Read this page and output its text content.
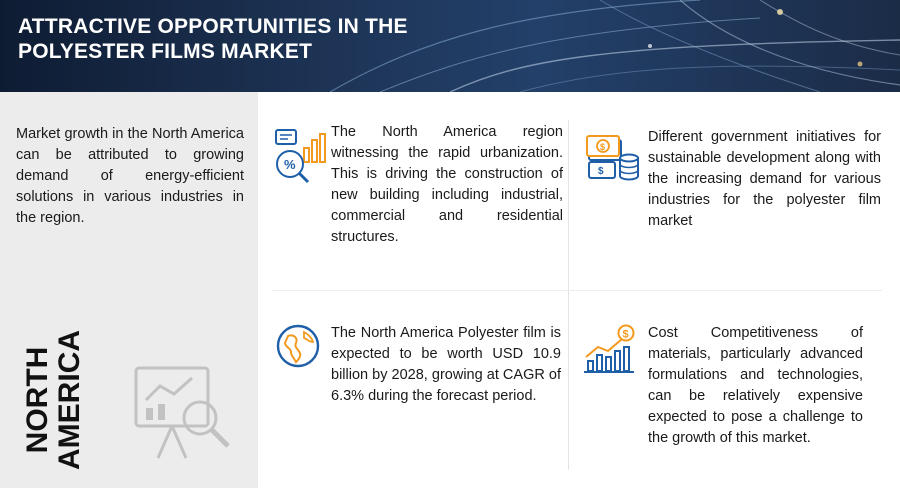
ATTRACTIVE OPPORTUNITIES IN THE POLYESTER FILMS MARKET
Market growth in the North America can be attributed to growing demand of energy-efficient solutions in various industries in the region.
NORTH AMERICA
%
The North America region witnessing the rapid urbanization. This is driving the construction of new building including industrial, commercial and residential structures.
$
$
Different government initiatives for sustainable development along with the increasing demand for various industries for the polyester film market
The North America Polyester film is expected to be worth USD 10.9 billion by 2028, growing at CAGR of 6.3% during the forecast period.
$ Cost Competitiveness of materials, particularly advanced formulations and technologies, can be relatively expensive expected to pose a challenge to the growth of this market.
